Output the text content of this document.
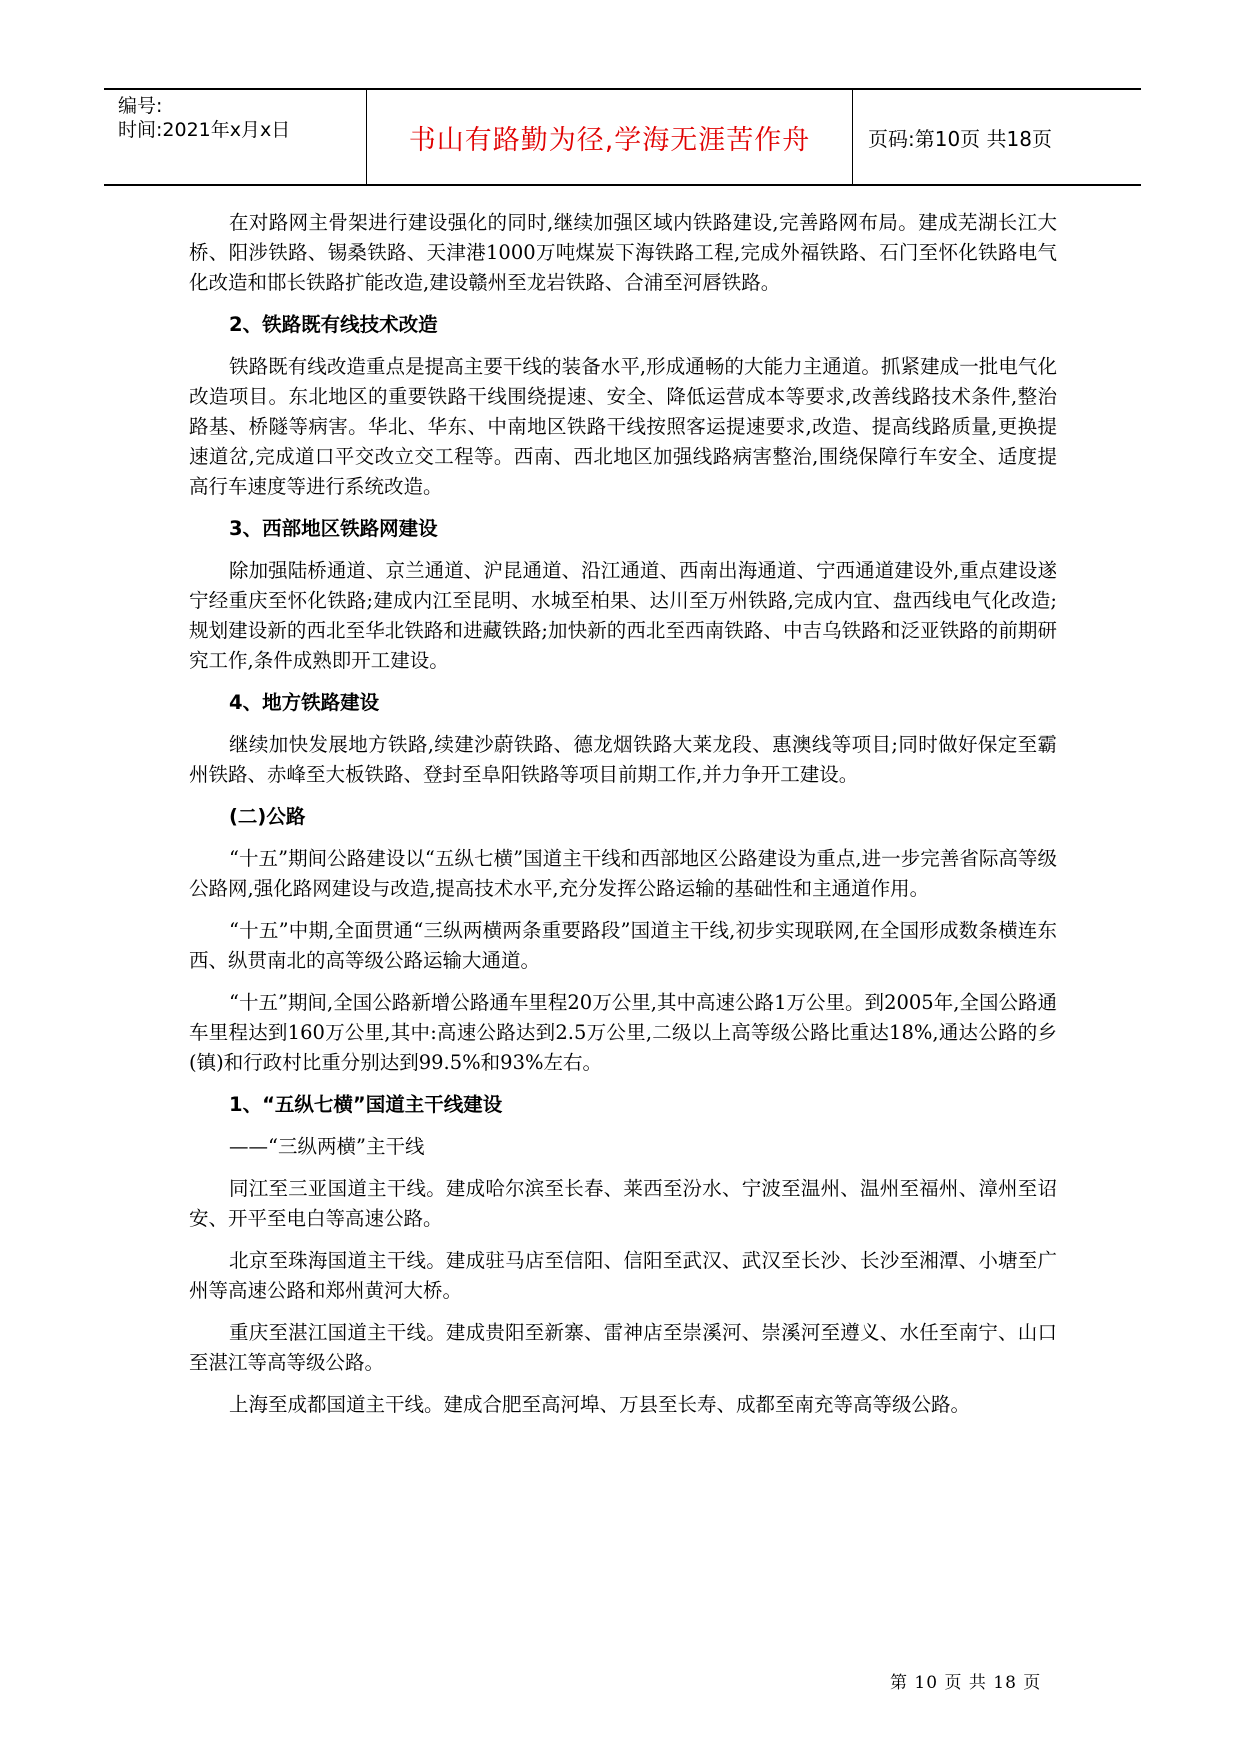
编号:
时间:2021年x月x日	书山有路勤为径,学海无涯苦作舟	页码:第10页 共18页
在对路网主骨架进行建设强化的同时,继续加强区域内铁路建设,完善路网布局。建成芜湖长江大桥、阳涉铁路、锡桑铁路、天津港1000万吨煤炭下海铁路工程,完成外福铁路、石门至怀化铁路电气化改造和邯长铁路扩能改造,建设赣州至龙岩铁路、合浦至河唇铁路。
2、铁路既有线技术改造
铁路既有线改造重点是提高主要干线的装备水平,形成通畅的大能力主通道。抓紧建成一批电气化改造项目。东北地区的重要铁路干线围绕提速、安全、降低运营成本等要求,改善线路技术条件,整治路基、桥隧等病害。华北、华东、中南地区铁路干线按照客运提速要求,改造、提高线路质量,更换提速道岔,完成道口平交改立交工程等。西南、西北地区加强线路病害整治,围绕保障行车安全、适度提高行车速度等进行系统改造。
3、西部地区铁路网建设
除加强陆桥通道、京兰通道、沪昆通道、沿江通道、西南出海通道、宁西通道建设外,重点建设遂宁经重庆至怀化铁路;建成内江至昆明、水城至柏果、达川至万州铁路,完成内宜、盘西线电气化改造;规划建设新的西北至华北铁路和进藏铁路;加快新的西北至西南铁路、中吉乌铁路和泛亚铁路的前期研究工作,条件成熟即开工建设。
4、地方铁路建设
继续加快发展地方铁路,续建沙蔚铁路、德龙烟铁路大莱龙段、惠澳线等项目;同时做好保定至霸州铁路、赤峰至大板铁路、登封至阜阳铁路等项目前期工作,并力争开工建设。
(二)公路
“十五”期间公路建设以“五纵七横”国道主干线和西部地区公路建设为重点,进一步完善省际高等级公路网,强化路网建设与改造,提高技术水平,充分发挥公路运输的基础性和主通道作用。
“十五”中期,全面贯通“三纵两横两条重要路段”国道主干线,初步实现联网,在全国形成数条横连东西、纵贯南北的高等级公路运输大通道。
“十五”期间,全国公路新增公路通车里程20万公里,其中高速公路1万公里。到2005年,全国公路通车里程达到160万公里,其中:高速公路达到2.5万公里,二级以上高等级公路比重达18%,通达公路的乡(镇)和行政村比重分别达到99.5%和93%左右。
1、“五纵七横”国道主干线建设
——“三纵两横”主干线
同江至三亚国道主干线。建成哈尔滨至长春、莱西至汾水、宁波至温州、温州至福州、漳州至诏安、开平至电白等高速公路。
北京至珠海国道主干线。建成驻马店至信阳、信阳至武汉、武汉至长沙、长沙至湘潭、小塘至广州等高速公路和郑州黄河大桥。
重庆至湛江国道主干线。建成贵阳至新寨、雷神店至崇溪河、崇溪河至遵义、水任至南宁、山口至湛江等高等级公路。
上海至成都国道主干线。建成合肥至高河埠、万县至长寿、成都至南充等高等级公路。
第 10 页 共 18 页
